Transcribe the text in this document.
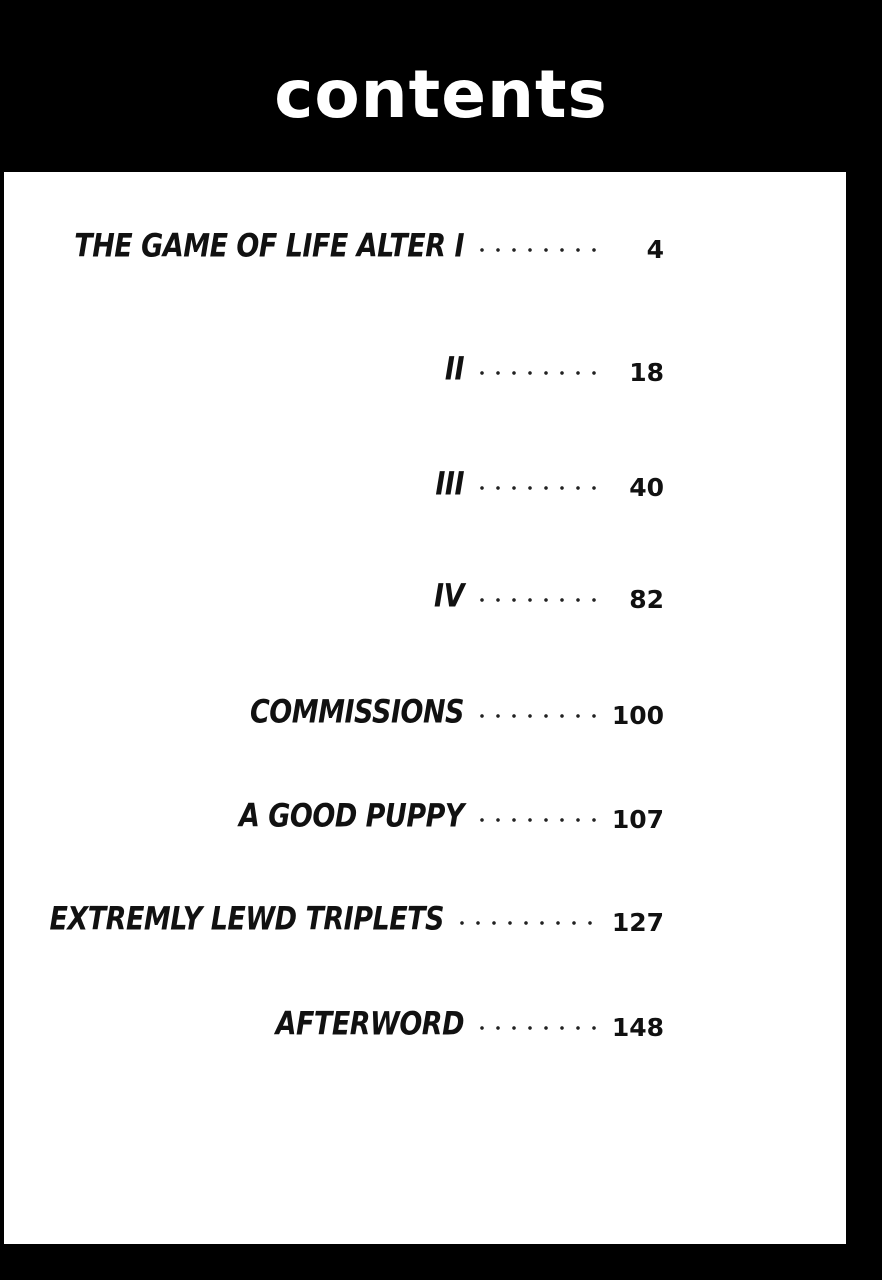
contents
THE GAME OF LIFE ALTER I	4
II	18
III	40
IV	82
COMMISSIONS	100
A GOOD PUPPY	107
EXTREMLY LEWD TRIPLETS	127
AFTERWORD	148
